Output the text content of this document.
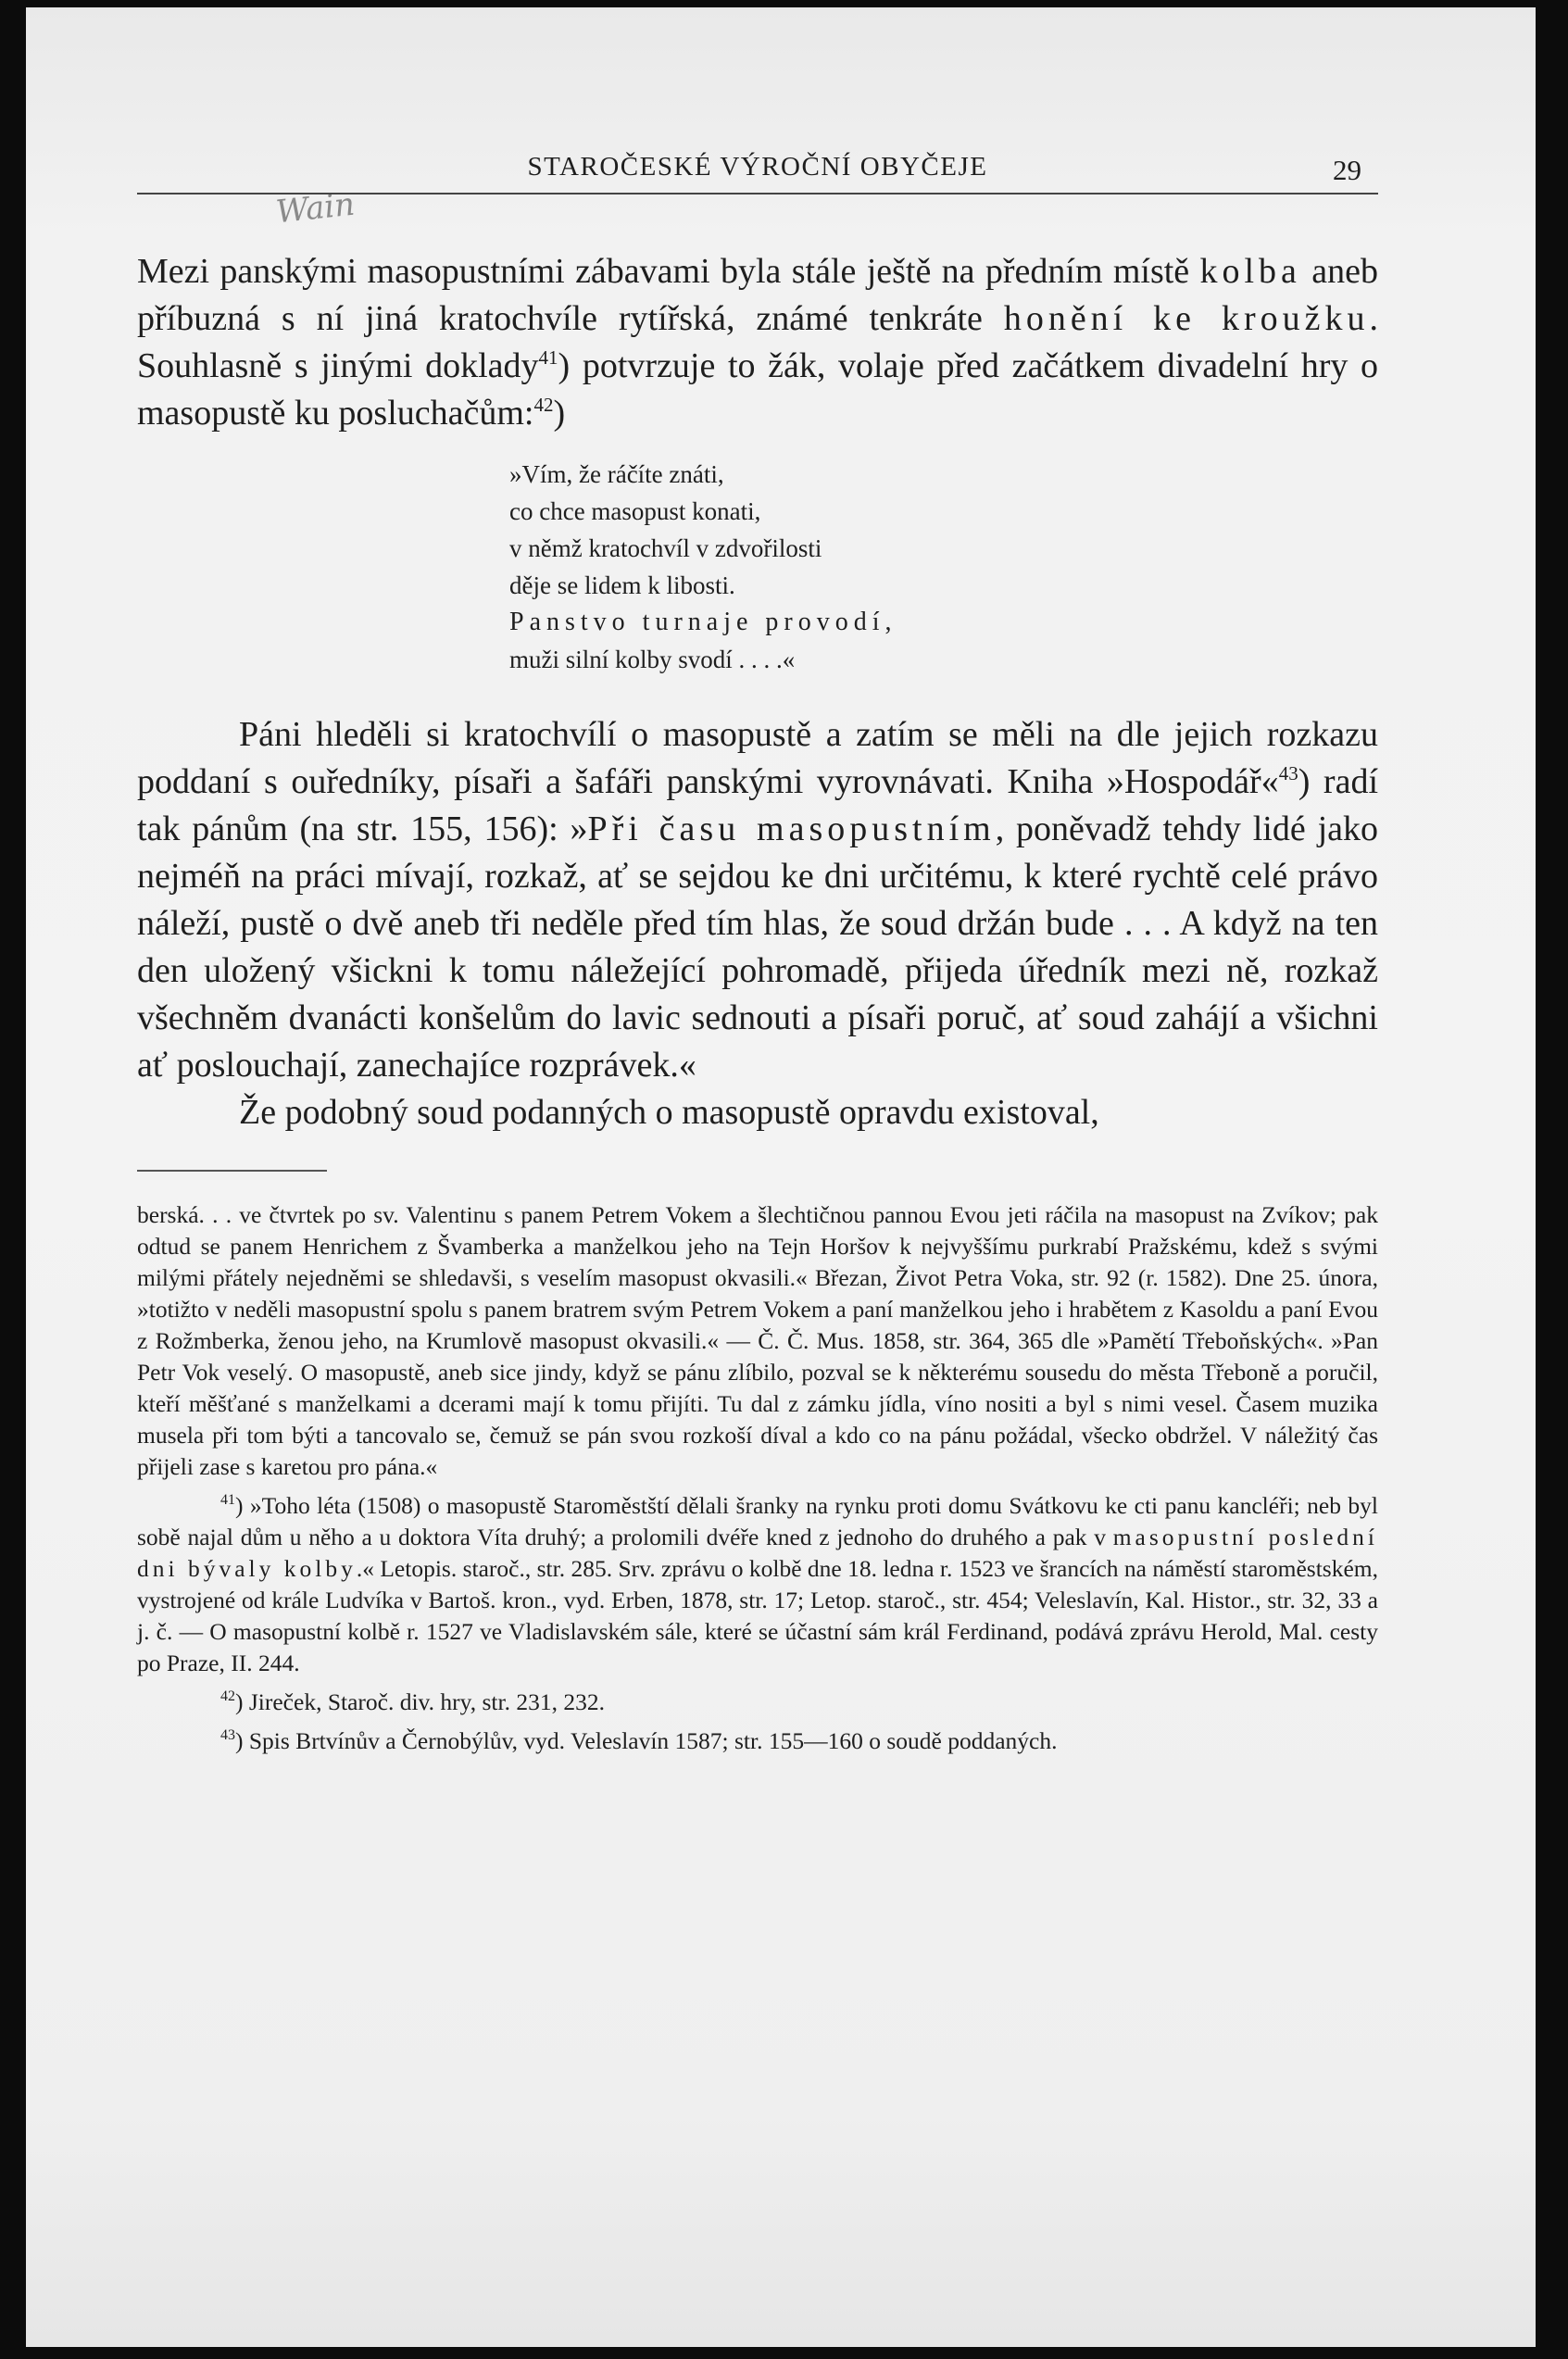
Wain
STAROČESKÉ VÝROČNÍ OBYČEJE	29

Mezi panskými masopustními zábavami byla stále ještě na předním místě kolba aneb příbuzná s ní jiná kratochvíle rytířská, známé tenkráte honění ke kroužku. Souhlasně s jinými doklady$^{41}$) potvrzuje to žák, volaje před začátkem divadelní hry o masopustě ku posluchačům:$^{42}$)

»Vím, že ráčíte znáti,
co chce masopust konati,
v němž kratochvíl v zdvořilosti
děje se lidem k libosti.
Panstvo turnaje provodí,
muži silní kolby svodí . . . .«

Páni hleděli si kratochvílí o masopustě a zatím se měli na dle jejich rozkazu poddaní s ouředníky, písaři a šafáři panskými vyrovnávati. Kniha »Hospodář«$^{43}$) radí tak pánům (na str. 155, 156): »Při času masopustním, poněvadž tehdy lidé jako nejméň na práci mívají, rozkaž, ať se sejdou ke dni určitému, k které rychtě celé právo náleží, pustě o dvě aneb tři neděle před tím hlas, že soud držán bude . . . A když na ten den uložený všickni k tomu náležející pohromadě, přijeda úředník mezi ně, rozkaž všechněm dvanácti konšelům do lavic sednouti a písaři poruč, ať soud zahájí a všichni ať poslouchají, zanechajíce rozprávek.«

Že podobný soud podanných o masopustě opravdu existoval,

berská. . . ve čtvrtek po sv. Valentinu s panem Petrem Vokem a šlechtičnou pannou Evou jeti ráčila na masopust na Zvíkov; pak odtud se panem Henrichem z Švamberka a manželkou jeho na Tejn Horšov k nejvyššímu purkrabí Pražskému, kdež s svými milými přátely nejedněmi se shledavši, s veselím masopust okvasili.« Březan, Život Petra Voka, str. 92 (r. 1582). Dne 25. února, »totižto v neděli masopustní spolu s panem bratrem svým Petrem Vokem a paní manželkou jeho i hrabětem z Kasoldu a paní Evou z Rožmberka, ženou jeho, na Krumlově masopust okvasili.« — Č. Č. Mus. 1858, str. 364, 365 dle »Pamětí Třeboňských«. »Pan Petr Vok veselý. O masopustě, aneb sice jindy, když se pánu zlíbilo, pozval se k některému sousedu do města Třeboně a poručil, kteří měšťané s manželkami a dcerami mají k tomu přijíti. Tu dal z zámku jídla, víno nositi a byl s nimi vesel. Časem muzika musela při tom býti a tancovalo se, čemuž se pán svou rozkoší díval a kdo co na pánu požádal, všecko obdržel. V náležitý čas přijeli zase s karetou pro pána.«

$^{41}$) »Toho léta (1508) o masopustě Staroměstští dělali šranky na rynku proti domu Svátkovu ke cti panu kancléři; neb byl sobě najal dům u něho a u doktora Víta druhý; a prolomili dvéře kned z jednoho do druhého a pak v masopustní poslední dni bývaly kolby.« Letopis. staroč., str. 285. Srv. zprávu o kolbě dne 18. ledna r. 1523 ve šrancích na náměstí staroměstském, vystrojené od krále Ludvíka v Bartoš. kron., vyd. Erben, 1878, str. 17; Letop. staroč., str. 454; Veleslavín, Kal. Histor., str. 32, 33 a j. č. — O masopustní kolbě r. 1527 ve Vladislavském sále, které se účastní sám král Ferdinand, podává zprávu Herold, Mal. cesty po Praze, II. 244.

$^{42}$) Jireček, Staroč. div. hry, str. 231, 232.

$^{43}$) Spis Brtvínův a Černobýlův, vyd. Veleslavín 1587; str. 155—160 o soudě poddaných.
